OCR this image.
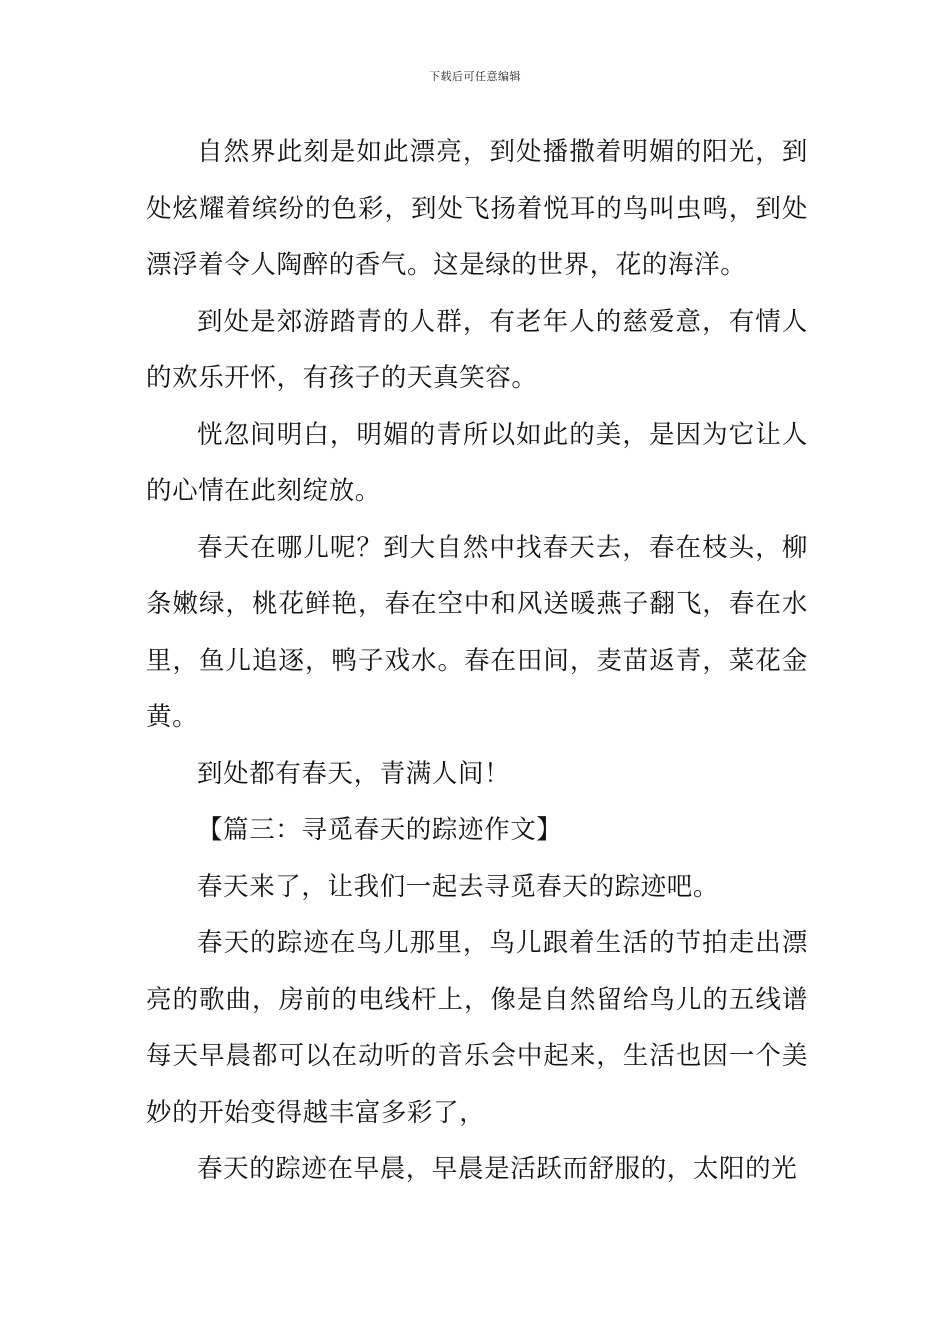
下载后可任意编辑

自然界此刻是如此漂亮，到处播撒着明媚的阳光，到处炫耀着缤纷的色彩，到处飞扬着悦耳的鸟叫虫鸣，到处漂浮着令人陶醉的香气。这是绿的世界，花的海洋。

到处是郊游踏青的人群，有老年人的慈爱意，有情人的欢乐开怀，有孩子的天真笑容。

恍忽间明白，明媚的青所以如此的美，是因为它让人的心情在此刻绽放。

春天在哪儿呢？到大自然中找春天去，春在枝头，柳条嫩绿，桃花鲜艳，春在空中和风送暖燕子翻飞，春在水里，鱼儿追逐，鸭子戏水。春在田间，麦苗返青，菜花金黄。

到处都有春天，青满人间！

【篇三：寻觅春天的踪迹作文】

春天来了，让我们一起去寻觅春天的踪迹吧。

春天的踪迹在鸟儿那里，鸟儿跟着生活的节拍走出漂亮的歌曲，房前的电线杆上，像是自然留给鸟儿的五线谱每天早晨都可以在动听的音乐会中起来，生活也因一个美妙的开始变得越丰富多彩了，

春天的踪迹在早晨，早晨是活跃而舒服的，太阳的光
